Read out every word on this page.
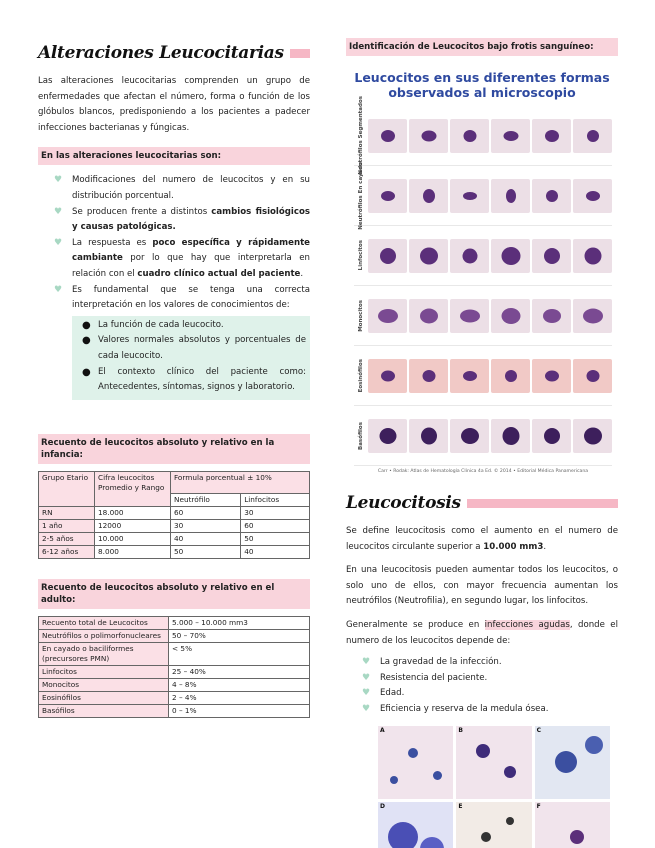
Alteraciones Leucocitarias

Las alteraciones leucocitarias comprenden un grupo de enfermedades que afectan el número, forma o función de los glóbulos blancos, predisponiendo a los pacientes a padecer infecciones bacterianas y fúngicas.

En las alteraciones leucocitarias son:
♥ Modificaciones del numero de leucocitos y en su distribución porcentual.
♥ Se producen frente a distintos cambios fisiológicos y causas patológicas.
♥ La respuesta es poco específica y rápidamente cambiante por lo que hay que interpretarla en relación con el cuadro clínico actual del paciente.
♥ Es fundamental que se tenga una correcta interpretación en los valores de conocimientos de:
● La función de cada leucocito.
● Valores normales absolutos y porcentuales de cada leucocito.
● El contexto clínico del paciente como: Antecedentes, síntomas, signos y laboratorio.
Recuento de leucocitos absoluto y relativo en la infancia:
Grupo Etario	Cifra leucocitos Promedio y Rango	Formula porcentual ± 10%	
		Neutrófilo	Linfocitos
RN	18.000	60	30
1 año	12000	30	60
2-5 años	10.000	40	50
6-12 años	8.000	50	40
Recuento de leucocitos absoluto y relativo en el adulto:
Recuento total de Leucocitos	5.000 – 10.000 mm3
Neutrófilos o polimorfonucleares	50 – 70%
En cayado o baciliformes (precursores PMN)	< 5%
Linfocitos	25 – 40%
Monocitos	4 – 8%
Eosinófilos	2 – 4%
Basófilos	0 – 1%
Identificación de Leucocitos bajo frotis sanguíneo:
Leucocitos en sus diferentes formas
observados al microscopio
Neutrófilos Segmentados
Neutrófilos En cayado
Linfocitos
Monocitos
Eosinófilos
Basófilos
Carr • Rodak: Atlas de Hematología Clínica 4a Ed. © 2014 • Editorial Médica Panamericana
Leucocitosis

Se define leucocitosis como el aumento en el numero de leucocitos circulante superior a 10.000 mm3.

En una leucocitosis pueden aumentar todos los leucocitos, o solo uno de ellos, con mayor frecuencia aumentan los neutrófilos (Neutrofilia), en segundo lugar, los linfocitos.

Generalmente se produce en infecciones agudas, donde el numero de los leucocitos depende de:

♥ La gravedad de la infección.
♥ Resistencia del paciente.
♥ Edad.
♥ Eficiencia y reserva de la medula ósea.
A	B	C
D	E	F
